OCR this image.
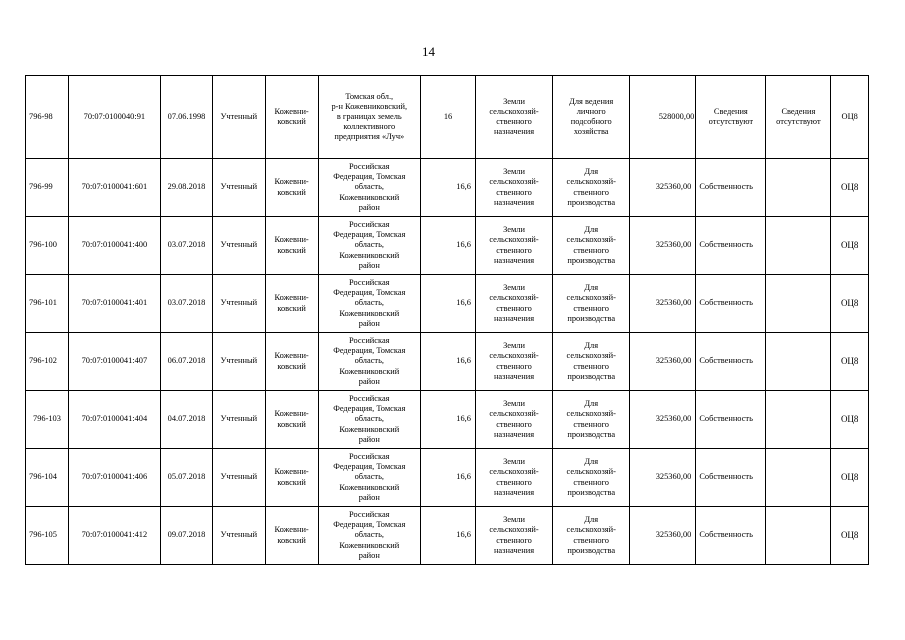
14
796-98	70:07:0100040:91	07.06.1998	Учтенный	Кожевни-
ковский	Томская обл.,
р-н Кожевниковский,
в границах земель
коллективного
предприятия «Луч»	16	Земли
сельскохозяй-
ственного
назначения	Для ведения
личного
подсобного
хозяйства	528000,00	Сведения
отсутствуют	Сведения
отсутствуют	ОЦ8
796-99	70:07:0100041:601	29.08.2018	Учтенный	Кожевни-
ковский	Российская
Федерация, Томская
область,
Кожевниковский
район	16,6	Земли
сельскохозяй-
ственного
назначения	Для
сельскохозяй-
ственного
производства	325360,00	Собственность		ОЦ8
796-100	70:07:0100041:400	03.07.2018	Учтенный	Кожевни-
ковский	Российская
Федерация, Томская
область,
Кожевниковский
район	16,6	Земли
сельскохозяй-
ственного
назначения	Для
сельскохозяй-
ственного
производства	325360,00	Собственность		ОЦ8
796-101	70:07:0100041:401	03.07.2018	Учтенный	Кожевни-
ковский	Российская
Федерация, Томская
область,
Кожевниковский
район	16,6	Земли
сельскохозяй-
ственного
назначения	Для
сельскохозяй-
ственного
производства	325360,00	Собственность		ОЦ8
796-102	70:07:0100041:407	06.07.2018	Учтенный	Кожевни-
ковский	Российская
Федерация, Томская
область,
Кожевниковский
район	16,6	Земли
сельскохозяй-
ственного
назначения	Для
сельскохозяй-
ственного
производства	325360,00	Собственность		ОЦ8
796-103	70:07:0100041:404	04.07.2018	Учтенный	Кожевни-
ковский	Российская
Федерация, Томская
область,
Кожевниковский
район	16,6	Земли
сельскохозяй-
ственного
назначения	Для
сельскохозяй-
ственного
производства	325360,00	Собственность		ОЦ8
796-104	70:07:0100041:406	05.07.2018	Учтенный	Кожевни-
ковский	Российская
Федерация, Томская
область,
Кожевниковский
район	16,6	Земли
сельскохозяй-
ственного
назначения	Для
сельскохозяй-
ственного
производства	325360,00	Собственность		ОЦ8
796-105	70:07:0100041:412	09.07.2018	Учтенный	Кожевни-
ковский	Российская
Федерация, Томская
область,
Кожевниковский
район	16,6	Земли
сельскохозяй-
ственного
назначения	Для
сельскохозяй-
ственного
производства	325360,00	Собственность		ОЦ8
